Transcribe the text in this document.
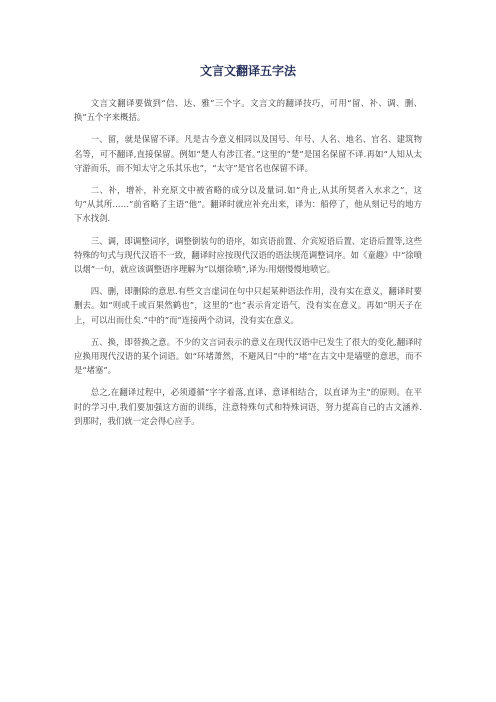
文言文翻译五字法

文言文翻译要做到“信、达、雅”三个字。文言文的翻译技巧，可用“留、补、调、删、换”五个字来概括。

一、留，就是保留不译。凡是古今意义相同以及国号、年号、人名、地名、官名、建筑物名等，可不翻译,直接保留。例如“楚人有涉江者。”这里的“楚”是国名保留不译.再如“人知从太守游而乐，而不知太守之乐其乐也”，“太守”是官名也保留不译。

二、补，增补，补充原文中被省略的成分以及量词.如“舟止,从其所契者入水求之”，这句“从其所……”前省略了主语“他”。翻译时就应补充出来，译为：船停了，他从刻记号的地方下水找剑.

三、调，即调整词序，调整倒装句的语序，如宾语前置、介宾短语后置、定语后置等,这些特殊的句式与现代汉语不一致，翻译时应按现代汉语的语法规范调整词序。如《童趣》中“徐喷以烟”一句，就应该调整语序理解为“以烟徐喷”,译为:用烟慢慢地喷它。

四、删，即删除的意思.有些文言虚词在句中只起某种语法作用，没有实在意义，翻译时要删去。如“则或千或百果然鹤也”，这里的“也”表示肯定语气，没有实在意义。再如“明天子在上，可以出而仕矣.”中的“而”连接两个动词，没有实在意义。

五、换，即替换之意。不少的文言词表示的意义在现代汉语中已发生了很大的变化,翻译时应换用现代汉语的某个词语。如“环堵萧然，不避风日”中的“堵”在古文中是墙壁的意思，而不是“堵塞”。

总之,在翻译过程中，必须遵循“字字着落,直译、意译相结合，以直译为主”的原则。在平时的学习中,我们要加强这方面的训练，注意特殊句式和特殊词语，努力提高自己的古文涵养.到那时，我们就一定会得心应手。
